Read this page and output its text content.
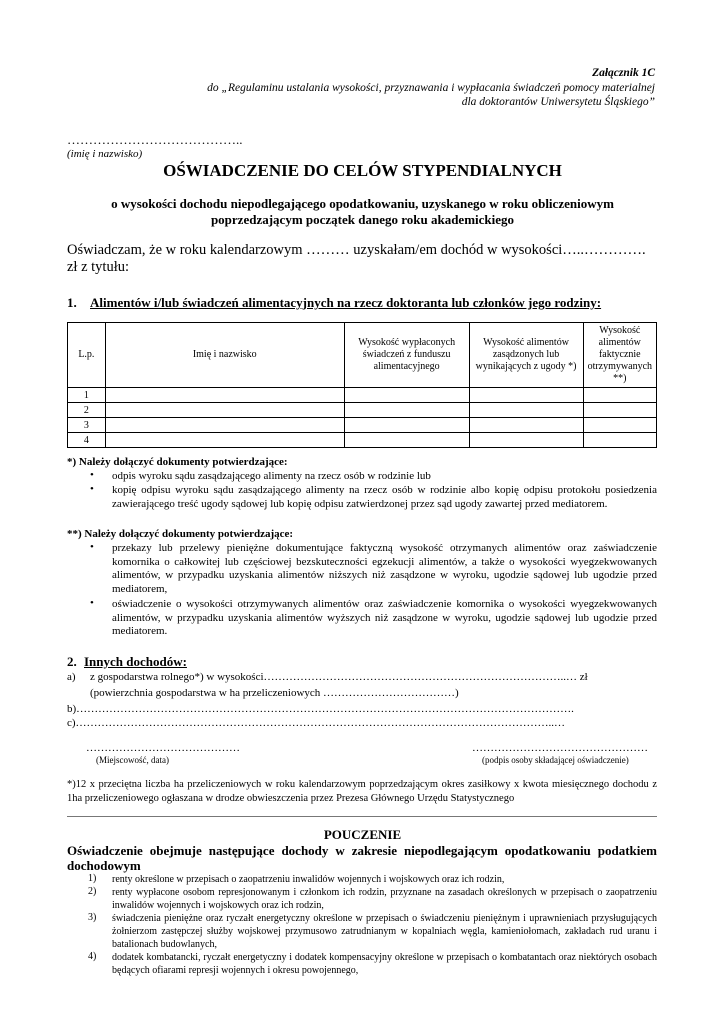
Załącznik 1C
do „Regulaminu ustalania wysokości, przyznawania i wypłacania świadczeń pomocy materialnej
dla doktorantów Uniwersytetu Śląskiego”
…………………………………..
(imię i nazwisko)
OŚWIADCZENIE DO CELÓW STYPENDIALNYCH
o wysokości dochodu niepodlegającego opodatkowaniu, uzyskanego w roku obliczeniowym
poprzedzającym początek danego roku akademickiego
Oświadczam, że w roku kalendarzowym ……… uzyskałam/em dochód w wysokości…..………….
zł z tytułu:
1. Alimentów i/lub świadczeń alimentacyjnych na rzecz doktoranta lub członków jego rodziny:
L.p.	Imię i nazwisko	Wysokość wypłaconych świadczeń z funduszu alimentacyjnego	Wysokość alimentów zasądzonych lub wynikających z ugody *)	Wysokość alimentów faktycznie otrzymywanych **)
1				
2				
3				
4				
*) Należy dołączyć dokumenty potwierdzające:
• odpis wyroku sądu zasądzającego alimenty na rzecz osób w rodzinie lub
• kopię odpisu wyroku sądu zasądzającego alimenty na rzecz osób w rodzinie albo kopię odpisu protokołu posiedzenia zawierającego treść ugody sądowej lub kopię odpisu zatwierdzonej przez sąd ugody zawartej przed mediatorem.
**) Należy dołączyć dokumenty potwierdzające:
• przekazy lub przelewy pieniężne dokumentujące faktyczną wysokość otrzymanych alimentów oraz zaświadczenie komornika o całkowitej lub częściowej bezskuteczności egzekucji alimentów, a także o wysokości wyegzekwowanych alimentów, w przypadku uzyskania alimentów niższych niż zasądzone w wyroku, ugodzie sądowej lub ugodzie przed mediatorem,
• oświadczenie o wysokości otrzymywanych alimentów oraz zaświadczenie komornika o wysokości wyegzekwowanych alimentów, w przypadku uzyskania alimentów wyższych niż zasądzone w wyroku, ugodzie sądowej lub ugodzie przed mediatorem.
2. Innych dochodów:
a) z gospodarstwa rolnego*) w wysokości………………………………………………………………………..… zł
(powierzchnia gospodarstwa w ha przeliczeniowych ………………………………)
b)……………………………………………………………………………………………………………………….
c)…………………………………………………………………………………………………………………..…
……………………………………
(Miejscowość, data)
…………………………………………
(podpis osoby składającej oświadczenie)
*)12 x przeciętna liczba ha przeliczeniowych w roku kalendarzowym poprzedzającym okres zasiłkowy x kwota miesięcznego dochodu z 1ha przeliczeniowego ogłaszana w drodze obwieszczenia przez Prezesa Głównego Urzędu Statystycznego
POUCZENIE
Oświadczenie obejmuje następujące dochody w zakresie niepodlegającym opodatkowaniu podatkiem dochodowym
1) renty określone w przepisach o zaopatrzeniu inwalidów wojennych i wojskowych oraz ich rodzin,
2) renty wypłacone osobom represjonowanym i członkom ich rodzin, przyznane na zasadach określonych w przepisach o zaopatrzeniu inwalidów wojennych i wojskowych oraz ich rodzin,
3) świadczenia pieniężne oraz ryczałt energetyczny określone w przepisach o świadczeniu pieniężnym i uprawnieniach przysługujących żołnierzom zastępczej służby wojskowej przymusowo zatrudnianym w kopalniach węgla, kamieniołomach, zakładach rud uranu i batalionach budowlanych,
4) dodatek kombatancki, ryczałt energetyczny i dodatek kompensacyjny określone w przepisach o kombatantach oraz niektórych osobach będących ofiarami represji wojennych i okresu powojennego,
